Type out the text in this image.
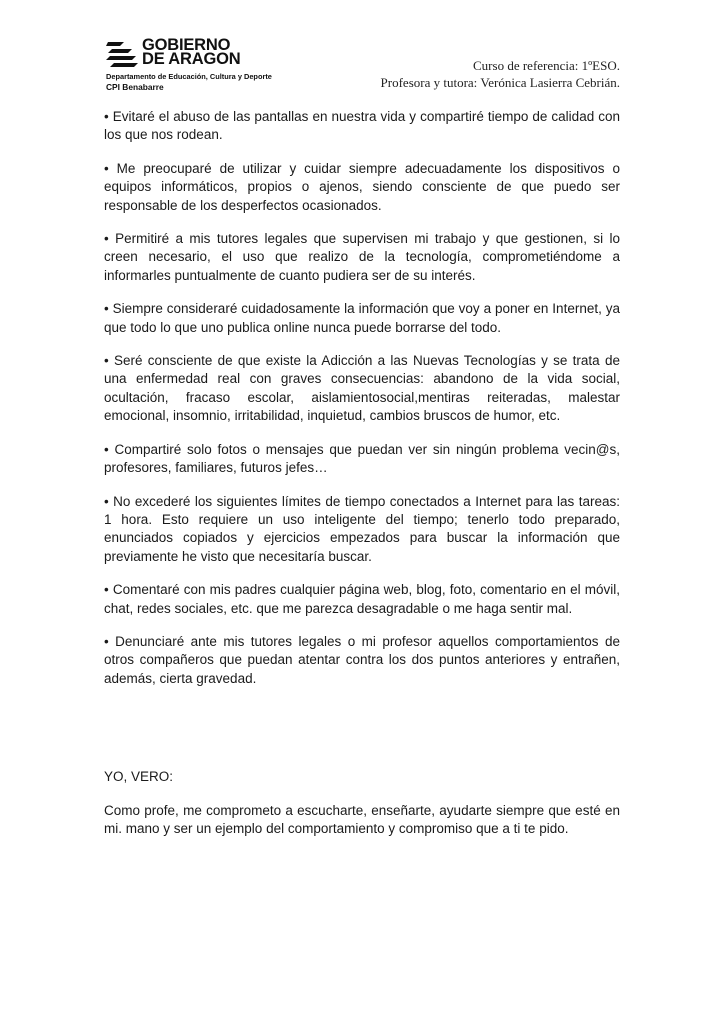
GOBIERNO
DE ARAGON
Departamento de Educación, Cultura y Deporte
CPI Benabarre
Curso de referencia: 1ºESO.
Profesora y tutora: Verónica Lasierra Cebrián.

• Evitaré el abuso de las pantallas en nuestra vida y compartiré tiempo de calidad con los que nos rodean.

• Me preocuparé de utilizar y cuidar siempre adecuadamente los dispositivos o equipos informáticos, propios o ajenos, siendo consciente de que puedo ser responsable de los desperfectos ocasionados.

• Permitiré a mis tutores legales que supervisen mi trabajo y que gestionen, si lo creen necesario, el uso que realizo de la tecnología, comprometiéndome a informarles puntualmente de cuanto pudiera ser de su interés.

• Siempre consideraré cuidadosamente la información que voy a poner en Internet, ya que todo lo que uno publica online nunca puede borrarse del todo.

• Seré consciente de que existe la Adicción a las Nuevas Tecnologías y se trata de una enfermedad real con graves consecuencias: abandono de la vida social, ocultación, fracaso escolar, aislamientosocial,mentiras reiteradas, malestar emocional, insomnio, irritabilidad, inquietud, cambios bruscos de humor, etc.

• Compartiré solo fotos o mensajes que puedan ver sin ningún problema vecin@s, profesores, familiares, futuros jefes…

• No excederé los siguientes límites de tiempo conectados a Internet para las tareas: 1 hora. Esto requiere un uso inteligente del tiempo; tenerlo todo preparado, enunciados copiados y ejercicios empezados para buscar la información que previamente he visto que necesitaría buscar.

• Comentaré con mis padres cualquier página web, blog, foto, comentario en el móvil, chat, redes sociales, etc. que me parezca desagradable o me haga sentir mal.

• Denunciaré ante mis tutores legales o mi profesor aquellos comportamientos de otros compañeros que puedan atentar contra los dos puntos anteriores y entrañen, además, cierta gravedad.

YO, VERO:

Como profe, me comprometo a escucharte, enseñarte, ayudarte siempre que esté en mi. mano y ser un ejemplo del comportamiento y compromiso que a ti te pido.
